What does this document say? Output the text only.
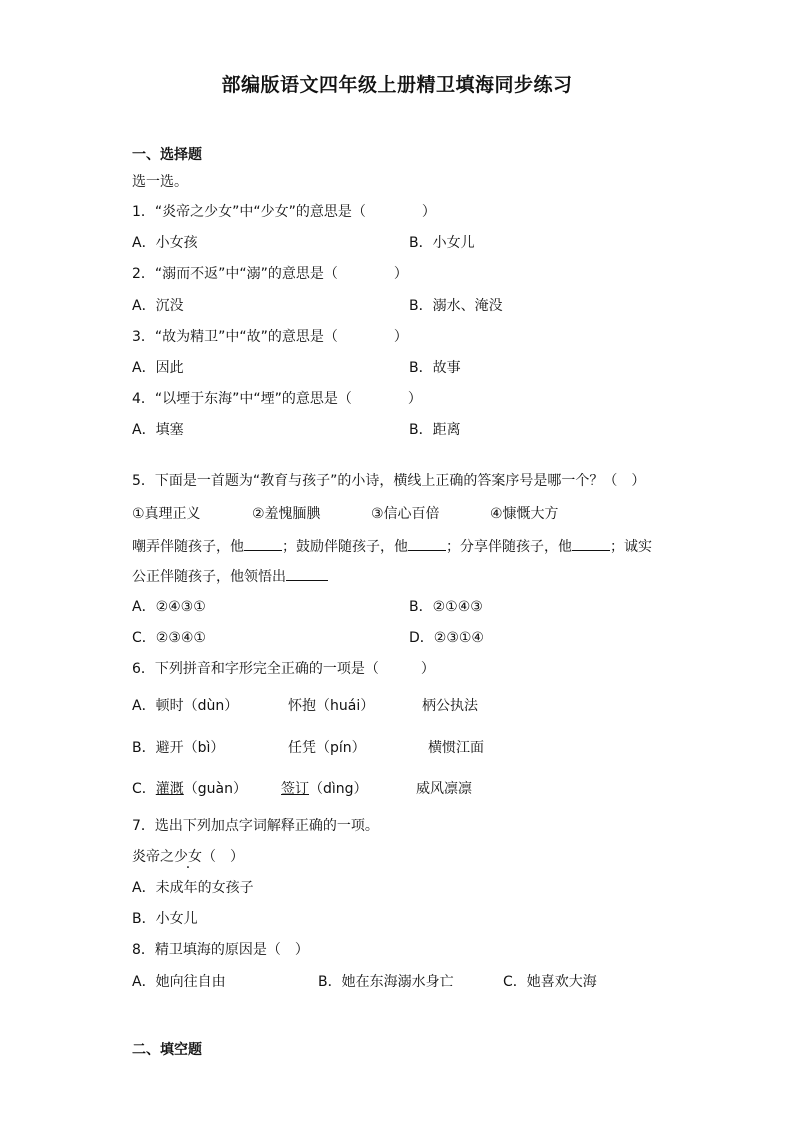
部编版语文四年级上册精卫填海同步练习
一、选择题
选一选。
1．“炎帝之少女”中“少女”的意思是（　　　　）
A．小女孩	B．小女儿
2．“溺而不返”中“溺”的意思是（　　　　）
A．沉没	B．溺水、淹没
3．“故为精卫”中“故”的意思是（　　　　）
A．因此	B．故事
4．“以堙于东海”中“堙”的意思是（　　　　）
A．填塞	B．距离
5．下面是一首题为“教育与孩子”的小诗，横线上正确的答案序号是哪一个？（　）
①真理正义	②羞愧腼腆	③信心百倍	④慷慨大方
嘲弄伴随孩子，他	；鼓励伴随孩子，他	；分享伴随孩子，他	；诚实
公正伴随孩子，他领悟出
A．②④③①	B．②①④③
C．②③④①	D．②③①④
6．下列拼音和字形完全正确的一项是（　　　）
A．顿时（dùn）	怀抱（huái）	柄公执法
B．避开（bì）	任凭（pín）	横惯江面
C．灌溉（guàn） 签订（dìng）	威风凛凛
7．选出下列加点字词解释正确的一项。
炎帝之少女（　）
A．未成年的女孩子
B．小女儿
8．精卫填海的原因是（　）
A．她向往自由	B．她在东海溺水身亡	C．她喜欢大海
二、填空题
